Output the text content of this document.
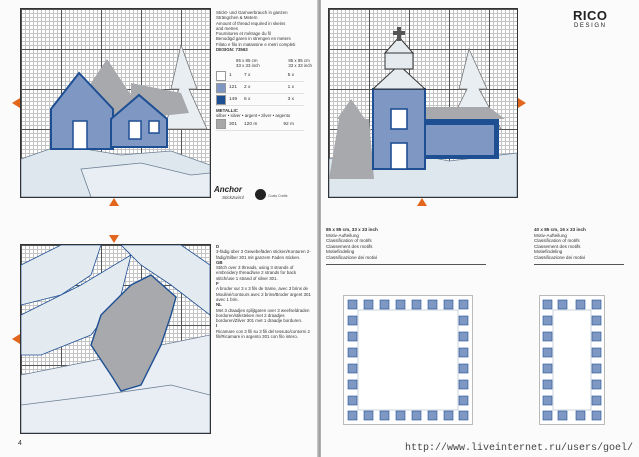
Stickt- und Garnverbrauch in ganzen
Strängchen & Metern
Amount of thread required in skeins
and metres
Fournitures et métrage du fil
Benodigd garen in strengen en meters
Filato e filo in matassine e metri completi
DESIGN: 73563
85 x 85 cm
33 x 33 inch
85 x 85 cm
33 x 33 inch
1	7 x	5 x
121	2 x	1 x
149	6 x	3 x
METALLIC
silber • silver • argent • zilver • argento
301	120 m	92 m
Anchor
Stickzwirnl	Coats Crafts
D
3-fädig über 3 Gewebefäden sticken/Konturen 2-fädig/Silber 301 mit ganzem Faden sticken.
GB
Stitch over 3 threads, using 3 strands of embroidery thread/use 2 strands for back stitch/use 1 strand of silver 301.
F
A broder sur 3 x 3 fils de trame, avec 3 brins de Mouliné/contours avec 2 brins/Broder argent 301 avec 1 brin.
NL
Met 3 draadjes splijtgaren over 3 weefseldraden borduren/stiksteken met 2 draadjes borduren/Zilver 301 met 1 draadje borduren.
I
Ricamare con 3 fili su 3 fili del tessuto/contorni 2 fili/Ricamare in argento 301 con filo intero.
4
RICO
DESIGN
85 x 85 cm, 33 x 33 inch
Motiv-Aufteilung
Classification of motifs
Classement des motifs
Motiefindeling
Classificazione dei motivi
40 x 85 cm, 16 x 33 inch
Motiv-Aufteilung
Classification of motifs
Classement des motifs
Motiefindeling
Classificazione dei motivi
http://www.liveinternet.ru/users/goel/
